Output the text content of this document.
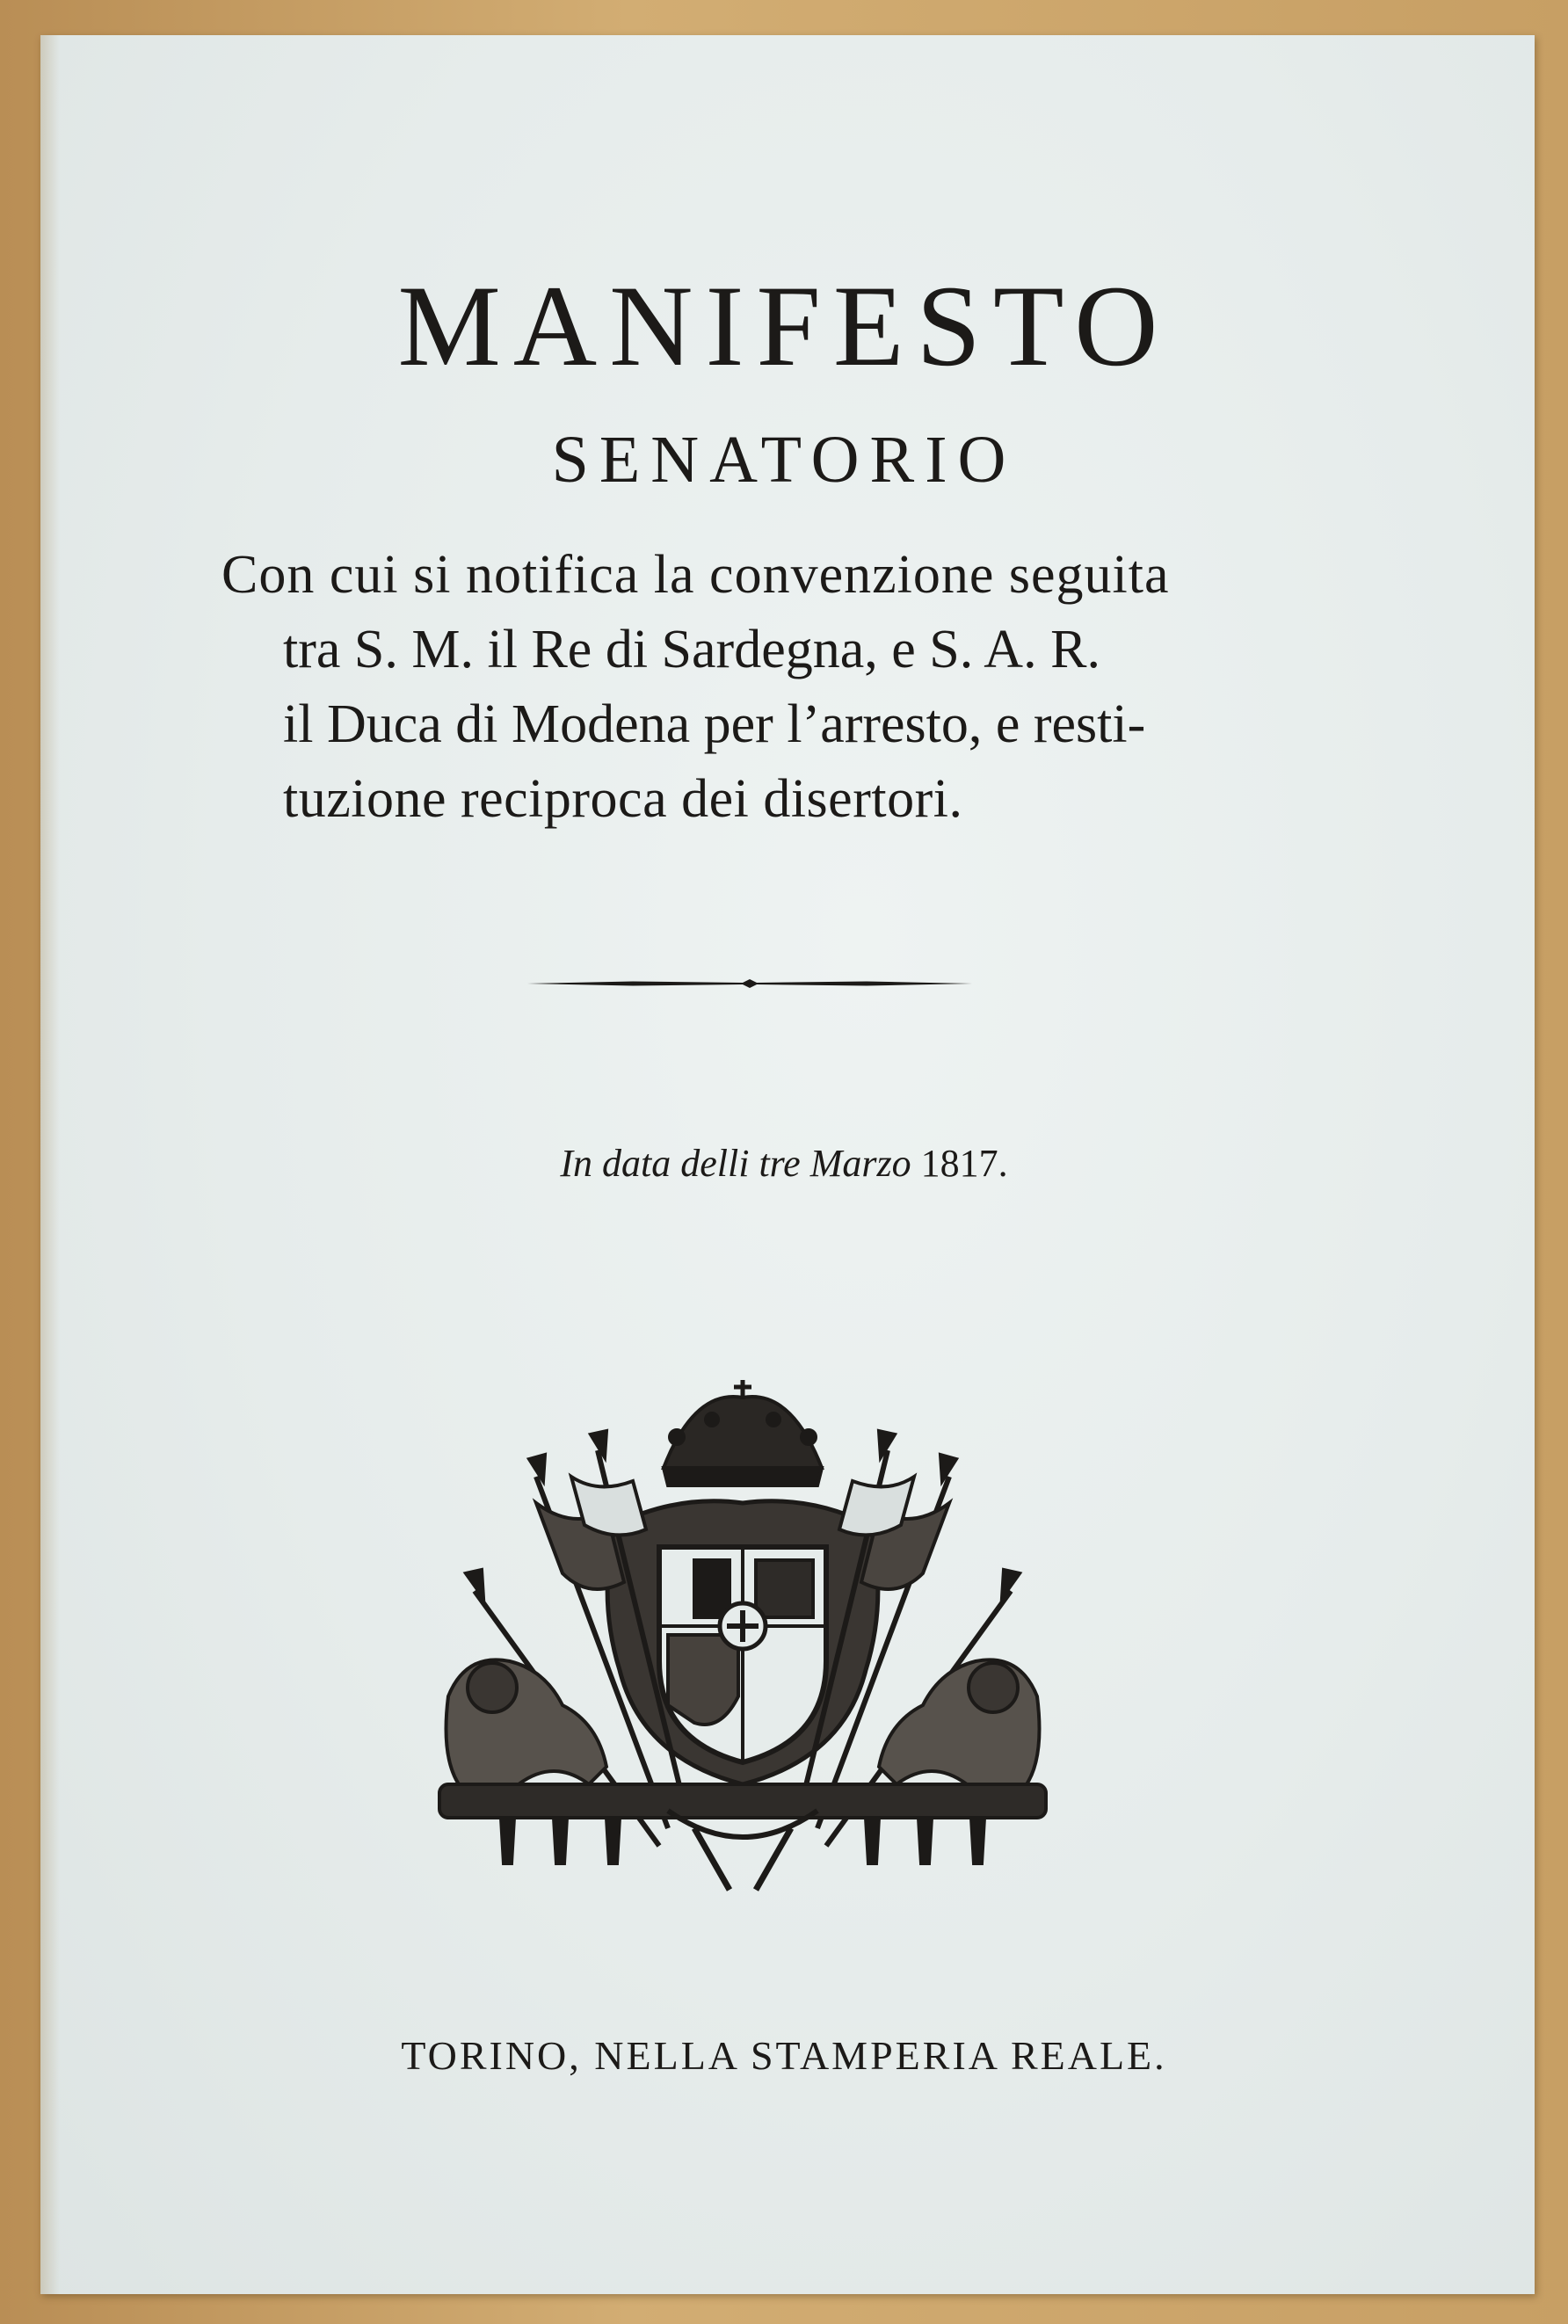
MANIFESTO
SENATORIO
Con cui si notifica la convenzione seguita
tra S. M. il Re di Sardegna, e S. A. R.
il Duca di Modena per l’arresto, e resti-
tuzione reciproca dei disertori.
In data delli tre Marzo 1817.
TORINO, NELLA STAMPERIA REALE.
